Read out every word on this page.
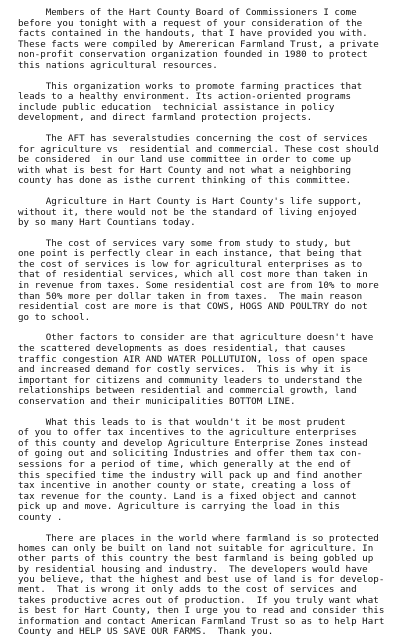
Members of the Hart County Board of Commissioners I come
before you tonight with a request of your consideration of the
facts contained in the handouts, that I have provided you with.
These facts were compiled by Amererican Farmland Trust, a private
non-profit conservation organization founded in 1980 to protect
this nations agricultural resources.
This organization works to promote farming practices that
leads to a healthy environment. Its action-oriented programs
include public education  technicial assistance in policy
development, and direct farmland protection projects.
The AFT has severalstudies concerning the cost of services
for agriculture vs  residential and commercial. These cost should
be considered  in our land use committee in order to come up
with what is best for Hart County and not what a neighboring
county has done as isthe current thinking of this committee.
Agriculture in Hart County is Hart County's life support,
without it, there would not be the standard of living enjoyed
by so many Hart Countians today.
The cost of services vary some from study to study, but
one point is perfectly clear in each instance, that being that
the cost of services is low for agricultural enterprises as to
that of residential services, which all cost more than taken in
in revenue from taxes. Some residential cost are from 10% to more
than 50% more per dollar taken in from taxes.  The main reason
residential cost are more is that COWS, HOGS AND POULTRY do not
go to school.
Other factors to consider are that agriculture doesn't have
the scattered developments as does residential, that causes
traffic congestion AIR AND WATER POLLUTUION, loss of open space
and increased demand for costly services.  This is why it is
important for citizens and community leaders to understand the
relationships between residential and commercial growth, land
conservation and their municipalities BOTTOM LINE.
What this leads to is that wouldn't it be most prudent
of you to offer tax incentives to the agriculture enterprises
of this county and develop Agriculture Enterprise Zones instead
of going out and soliciting Industries and offer them tax con-
sessions for a period of time, which generally at the end of
this specified time the industry will pack up and find another
tax incentive in another county or state, creating a loss of
tax revenue for the county. Land is a fixed object and cannot
pick up and move. Agriculture is carrying the load in this
county .
There are places in the world where farmland is so protected
homes can only be built on land not suitable for agriculture. In
other parts of this country the best farmland is being gobled up
by residential housing and industry.  The developers would have
you believe, that the highest and best use of land is for develop-
ment.  That is wrong it only adds to the cost of services and
takes productive acres out of production.  If you truly want what
is best for Hart County, then I urge you to read and consider this
information and contact American Farmland Trust so as to help Hart
County and HELP US SAVE OUR FARMS.  Thank you.
